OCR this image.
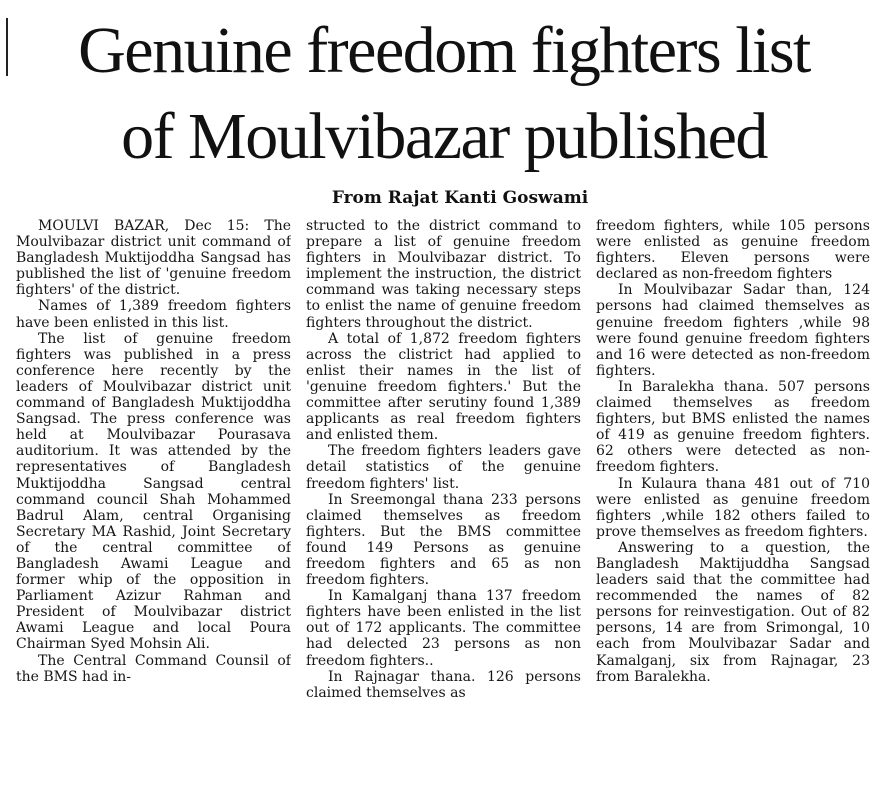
Genuine freedom fighters list
of Moulvibazar published

From Rajat Kanti Goswami

MOULVI BAZAR, Dec 15: The Moulvibazar district unit command of Bangladesh Muktijoddha Sangsad has published the list of 'genuine freedom fighters' of the district.

Names of 1,389 freedom fighters have been enlisted in this list.

The list of genuine freedom fighters was published in a press conference here recently by the leaders of Moulvibazar district unit command of Bangladesh Muktijoddha Sangsad. The press conference was held at Moulvibazar Pourasava auditorium. It was attended by the representatives of Bangladesh Muktijoddha Sangsad central command council Shah Mohammed Badrul Alam, central Organising Secretary MA Rashid, Joint Secretary of the central committee of Bangladesh Awami League and former whip of the opposition in Parliament Azizur Rahman and President of Moulvibazar district Awami League and local Poura Chairman Syed Mohsin Ali.

The Central Command Counsil of the BMS had in-

structed to the district command to prepare a list of genuine freedom fighters in Moulvibazar district. To implement the instruction, the district command was taking necessary steps to enlist the name of genuine freedom fighters throughout the district.

A total of 1,872 freedom fighters across the clistrict had applied to enlist their names in the list of 'genuine freedom fighters.' But the committee after serutiny found 1,389 applicants as real freedom fighters and enlisted them.

The freedom fighters leaders gave detail statistics of the genuine freedom fighters' list.

In Sreemongal thana 233 persons claimed themselves as freedom fighters. But the BMS committee found 149 Persons as genuine freedom fighters and 65 as non freedom fighters.

In Kamalganj thana 137 freedom fighters have been enlisted in the list out of 172 applicants. The committee had delected 23 persons as non freedom fighters..

In Rajnagar thana. 126 persons claimed themselves as

freedom fighters, while 105 persons were enlisted as genuine freedom fighters. Eleven persons were declared as non-freedom fighters

In Moulvibazar Sadar than, 124 persons had claimed themselves as genuine freedom fighters ,while 98 were found genuine freedom fighters and 16 were detected as non-freedom fighters.

In Baralekha thana. 507 persons claimed themselves as freedom fighters, but BMS enlisted the names of 419 as genuine freedom fighters. 62 others were detected as non-freedom fighters.

In Kulaura thana 481 out of 710 were enlisted as genuine freedom fighters ,while 182 others failed to prove themselves as freedom fighters.

Answering to a question, the Bangladesh Maktijuddha Sangsad leaders said that the committee had recommended the names of 82 persons for reinvestigation. Out of 82 persons, 14 are from Srimongal, 10 each from Moulvibazar Sadar and Kamalganj, six from Rajnagar, 23 from Baralekha.
